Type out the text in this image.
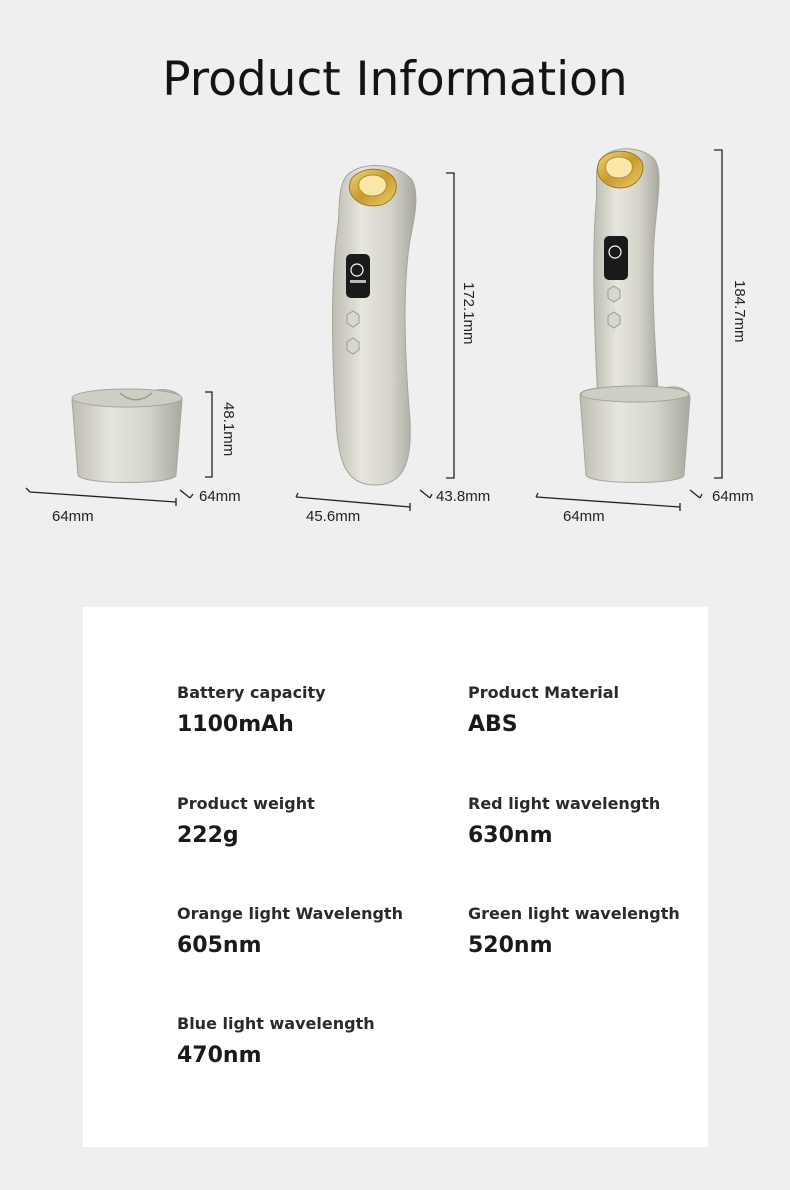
Product Information
48.1mm
64mm
64mm
172.1mm
43.8mm
45.6mm
184.7mm
64mm
64mm
Battery capacity
1100mAh
Product Material
ABS
Product weight
222g
Red light wavelength
630nm
Orange light Wavelength
605nm
Green light wavelength
520nm
Blue light wavelength
470nm
